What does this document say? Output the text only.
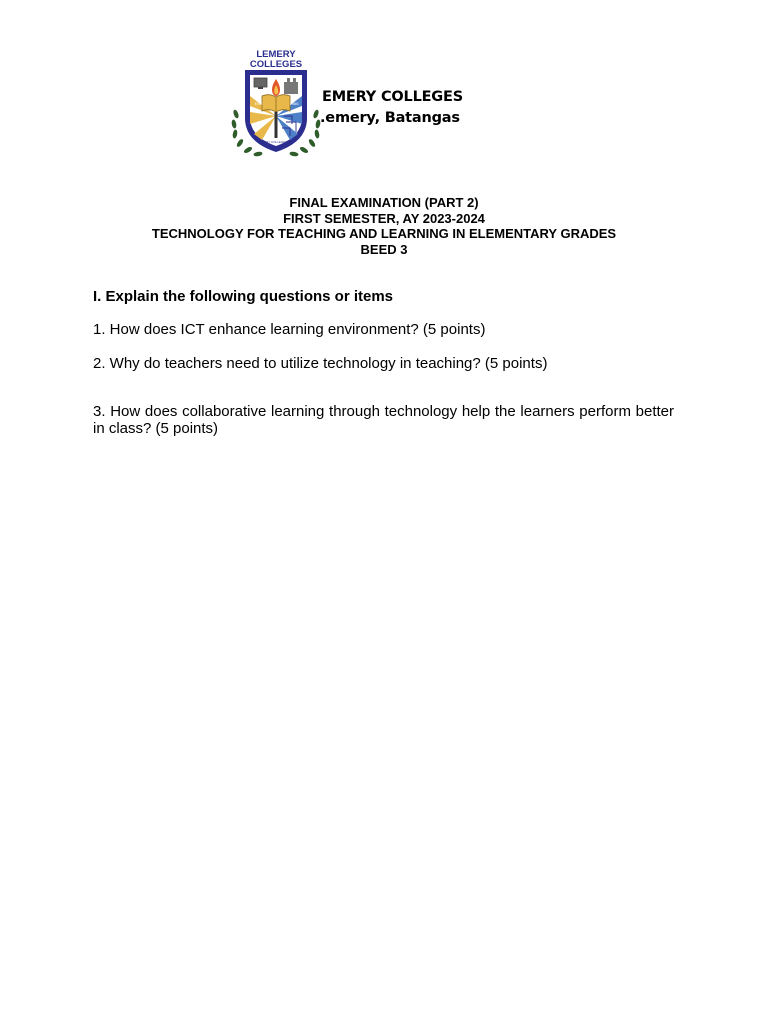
LEMERY
COLLEGES
EST.	1966
LEMERY COLLEGES INC.
EMERY COLLEGES
.emery, Batangas
FINAL EXAMINATION (PART 2)
FIRST SEMESTER, AY 2023-2024
TECHNOLOGY FOR TEACHING AND LEARNING IN ELEMENTARY GRADES
BEED 3
I. Explain the following questions or items
1. How does ICT enhance learning environment? (5 points)
2. Why do teachers need to utilize technology in teaching? (5 points)
3. How does collaborative learning through technology help the learners perform better in class? (5 points)
